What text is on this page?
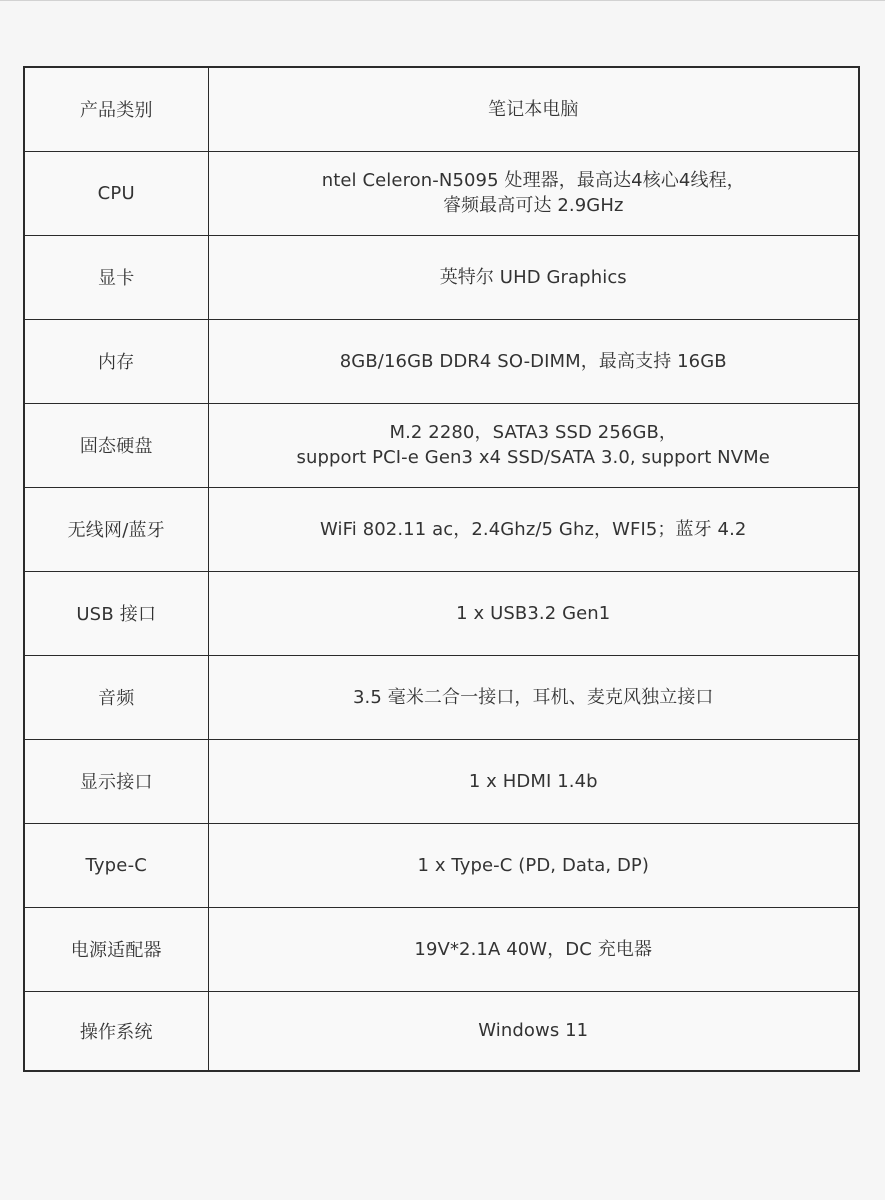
产品类别	笔记本电脑

CPU	ntel Celeron-N5095 处理器，最高达4核心4线程，
睿频最高可达 2.9GHz

显卡	英特尔 UHD Graphics

内存	8GB/16GB DDR4 SO-DIMM，最高支持 16GB

固态硬盘	M.2 2280，SATA3 SSD 256GB，
support PCI-e Gen3 x4 SSD/SATA 3.0, support NVMe

无线网/蓝牙	WiFi 802.11 ac，2.4Ghz/5 Ghz，WFI5；蓝牙 4.2

USB 接口	1 x USB3.2 Gen1

音频	3.5 毫米二合一接口，耳机、麦克风独立接口

显示接口	1 x HDMI 1.4b

Type-C	1 x Type-C (PD, Data, DP)

电源适配器	19V*2.1A 40W，DC 充电器

操作系统	Windows 11
